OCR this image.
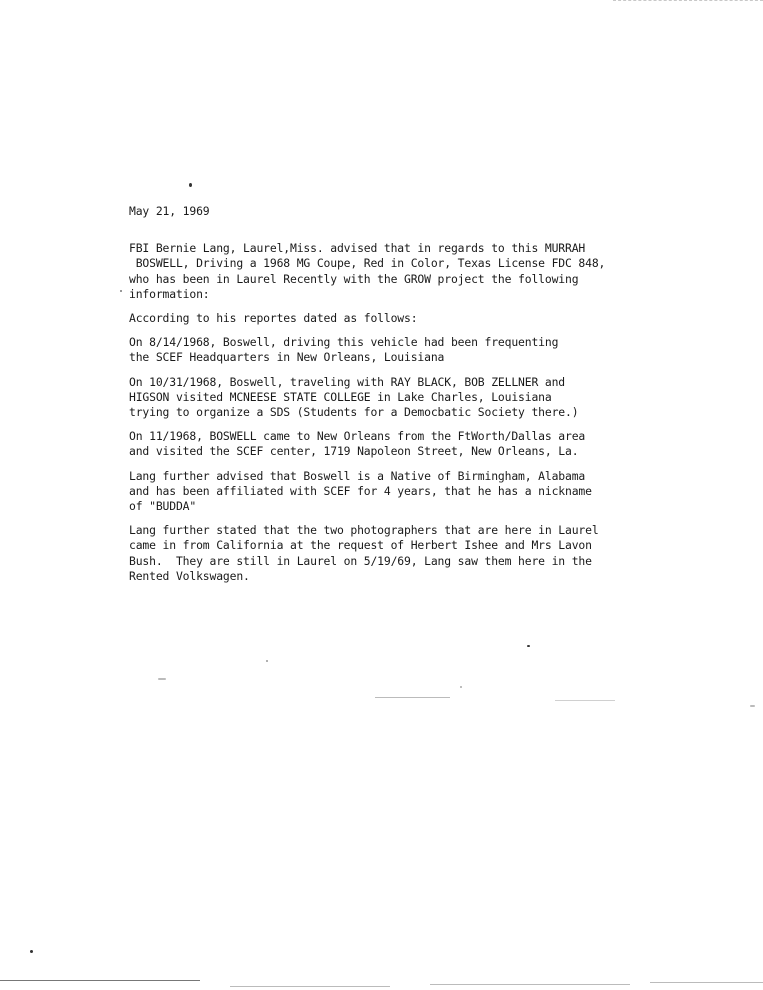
May 21, 1969
FBI Bernie Lang, Laurel,Miss. advised that in regards to this MURRAH
BOSWELL, Driving a 1968 MG Coupe, Red in Color, Texas License FDC 848,
who has been in Laurel Recently with the GROW project the following
information:
According to his reportes dated as follows:
On 8/14/1968, Boswell, driving this vehicle had been frequenting
the SCEF Headquarters in New Orleans, Louisiana
On 10/31/1968, Boswell, traveling with RAY BLACK, BOB ZELLNER and
HIGSON visited MCNEESE STATE COLLEGE in Lake Charles, Louisiana
trying to organize a SDS (Students for a Democbatic Society there.)
On 11/1968, BOSWELL came to New Orleans from the FtWorth/Dallas area
and visited the SCEF center, 1719 Napoleon Street, New Orleans, La.
Lang further advised that Boswell is a Native of Birmingham, Alabama
and has been affiliated with SCEF for 4 years, that he has a nickname
of "BUDDA"
Lang further stated that the two photographers that are here in Laurel
came in from California at the request of Herbert Ishee and Mrs Lavon
Bush.  They are still in Laurel on 5/19/69, Lang saw them here in the
Rented Volkswagen.
